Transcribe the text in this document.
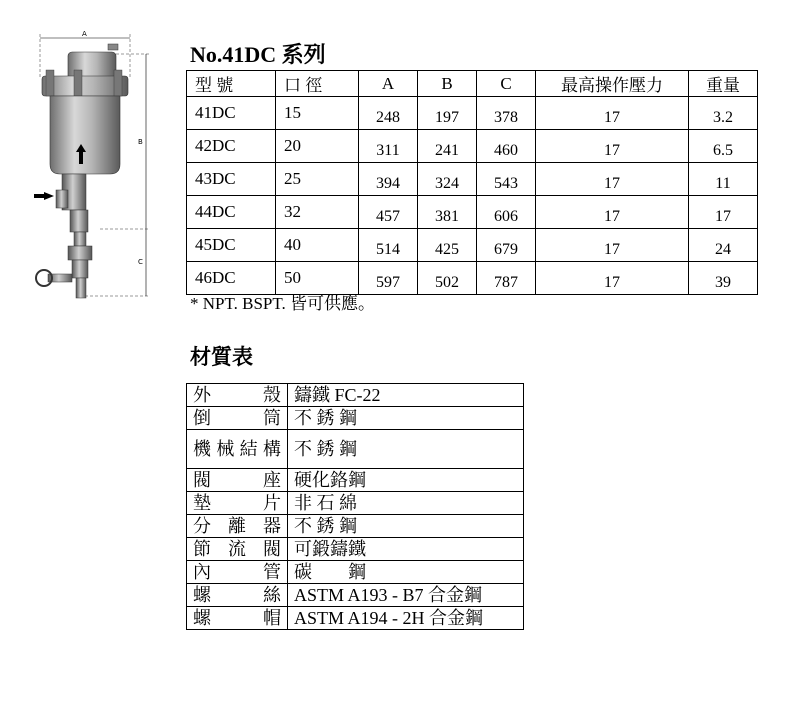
A
B
C
No.41DC 系列
型 號	口 徑	A	B	C	最高操作壓力	重量
41DC	15	248	197	378	17	3.2
42DC	20	311	241	460	17	6.5
43DC	25	394	324	543	17	11
44DC	32	457	381	606	17	17
45DC	40	514	425	679	17	24
46DC	50	597	502	787	17	39
* NPT. BSPT. 皆可供應。
材質表
外殼	鑄鐵 FC-22
倒筒	不 銹 鋼
機械結構	不 銹 鋼
閥座	硬化鉻鋼
墊片	非 石 綿
分離器	不 銹 鋼
節流閥	可鍛鑄鐵
內管	碳　　鋼
螺絲	ASTM A193 - B7 合金鋼
螺帽	ASTM A194 - 2H 合金鋼
